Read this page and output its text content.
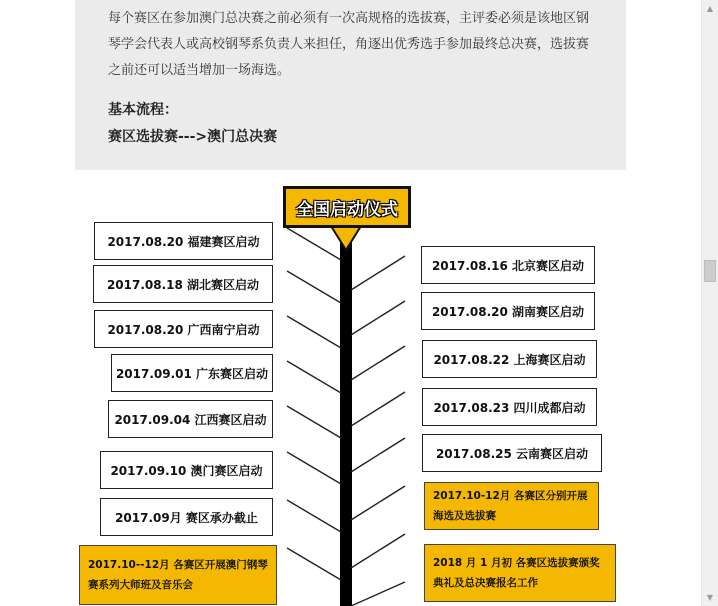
每个赛区在参加澳门总决赛之前必须有一次高规格的选拔赛，主评委必须是该地区钢琴学会代表人或高校钢琴系负责人来担任，角逐出优秀选手参加最终总决赛，选拔赛之前还可以适当增加一场海选。

基本流程：
赛区选拔赛--->澳门总决赛
全国启动仪式
2017.08.20 福建赛区启动
2017.08.18 湖北赛区启动
2017.08.20 广西南宁启动
2017.09.01 广东赛区启动
2017.09.04 江西赛区启动
2017.09.10 澳门赛区启动
2017.09月 赛区承办截止
2017.10--12月 各赛区开展澳门钢琴赛系列大师班及音乐会
2017.08.16 北京赛区启动
2017.08.20 湖南赛区启动
2017.08.22 上海赛区启动
2017.08.23 四川成都启动
2017.08.25 云南赛区启动
2017.10-12月 各赛区分别开展海选及选拔赛
2018 月 1 月初 各赛区选拔赛颁奖典礼及总决赛报名工作
▲
▼
